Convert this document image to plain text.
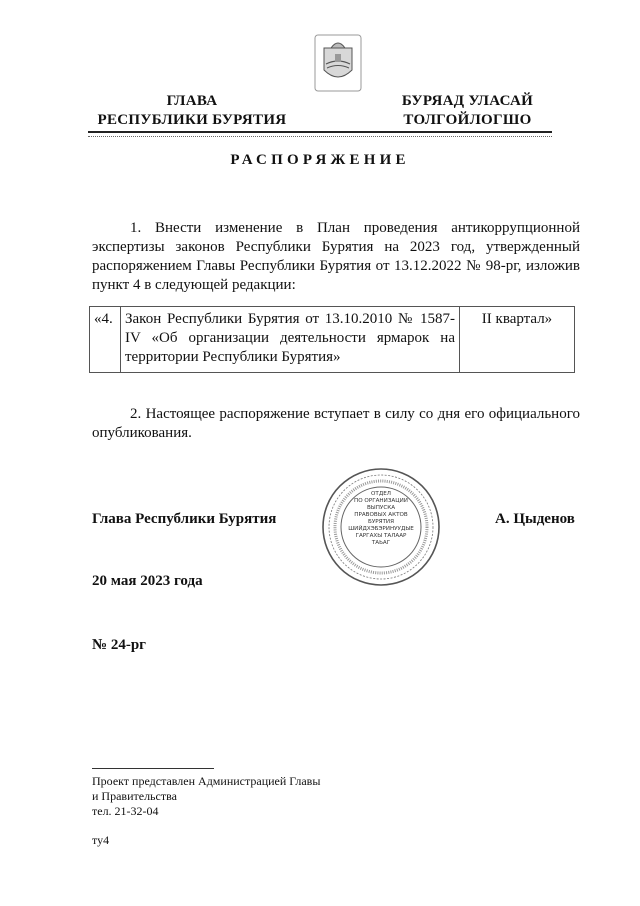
ГЛАВА
РЕСПУБЛИКИ БУРЯТИЯ
БУРЯАД УЛАСАЙ
ТОЛГОЙЛОГШО
РАСПОРЯЖЕНИЕ
1. Внести изменение в План проведения антикоррупционной экспертизы законов Республики Бурятия на 2023 год, утвержденный распоряжением Главы Республики Бурятия от 13.12.2022 № 98-рг, изложив пункт 4 в следующей редакции:
«4.	Закон Республики Бурятия от 13.10.2010 № 1587-IV «Об организации деятельности ярмарок на территории Республики Бурятия»	II квартал»
2. Настоящее распоряжение вступает в силу со дня его официального опубликования.
Глава Республики Бурятия	А. Цыденов
ОТДЕЛ
ПО ОРГАНИЗАЦИИ
ВЫПУСКА
ПРАВОВЫХ АКТОВ
БУРЯТИЯ
ШИЙДХЭБЭРИНУУДЫЕ
ГАРГАХЫ ТАЛААР
ТАЬАГ
20 мая 2023 года
№ 24-рг
Проект представлен Администрацией Главы
и Правительства
тел. 21-32-04
ту4
